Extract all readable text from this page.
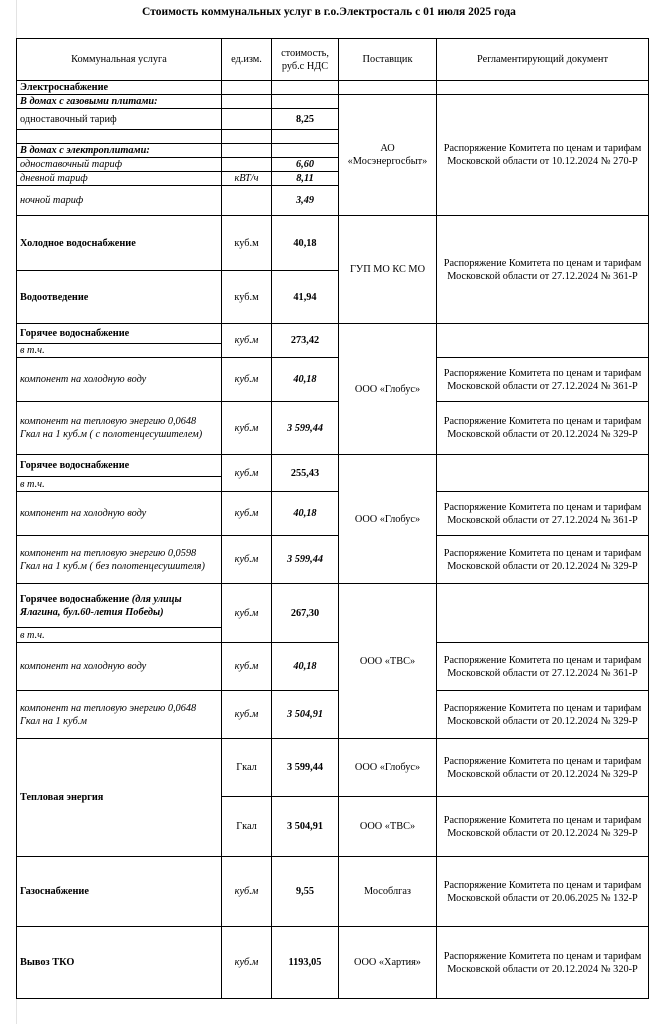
Стоимость коммунальных услуг в г.о.Электросталь с 01 июля 2025 года
Коммунальная услуга	ед.изм.	стоимость, руб.с НДС	Поставщик	Регламентирующий документ
Электроснабжение				
В домах с газовыми плитами:			АО «Мосэнергосбыт»	Распоряжение Комитета по ценам и тарифам Московской области от 10.12.2024 № 270-Р
одноставочный тариф		8,25		

В домах с электроплитами:				
одноставочный тариф		6,60		
дневной тариф	кВТ/ч	8,11		
ночной тариф		3,49		
Холодное водоснабжение	куб.м	40,18	ГУП МО КС МО	Распоряжение Комитета по ценам и тарифам Московской области от 27.12.2024 № 361-Р
Водоотведение	куб.м	41,94		
Горячее водоснабжение	куб.м	273,42	ООО «Глобус»	
в т.ч.				
компонент на холодную воду	куб.м	40,18		Распоряжение Комитета по ценам и тарифам Московской области от 27.12.2024 № 361-Р
компонент на тепловую энергию 0,0648 Гкал на 1 куб.м ( с полотенцесушителем)	куб.м	3 599,44		Распоряжение Комитета по ценам и тарифам Московской области от 20.12.2024 № 329-Р
Горячее водоснабжение	куб.м	255,43	ООО «Глобус»	
в т.ч.				
компонент на холодную воду	куб.м	40,18		Распоряжение Комитета по ценам и тарифам Московской области от 27.12.2024 № 361-Р
компонент на тепловую энергию 0,0598 Гкал на 1 куб.м ( без полотенцесушителя)	куб.м	3 599,44		Распоряжение Комитета по ценам и тарифам Московской области от 20.12.2024 № 329-Р
Горячее водоснабжение (для улицы Ялагина, бул.60-летия Победы)	куб.м	267,30	ООО «ТВС»	
в т.ч.				
компонент на холодную воду	куб.м	40,18		Распоряжение Комитета по ценам и тарифам Московской области от 27.12.2024 № 361-Р
компонент на тепловую энергию 0,0648 Гкал на 1 куб.м	куб.м	3 504,91		Распоряжение Комитета по ценам и тарифам Московской области от 20.12.2024 № 329-Р
Тепловая энергия	Гкал	3 599,44	ООО «Глобус»	Распоряжение Комитета по ценам и тарифам Московской области от 20.12.2024 № 329-Р
	Гкал	3 504,91	ООО «ТВС»	Распоряжение Комитета по ценам и тарифам Московской области от 20.12.2024 № 329-Р
Газоснабжение	куб.м	9,55	Мособлгаз	Распоряжение Комитета по ценам и тарифам Московской области от 20.06.2025 № 132-Р
Вывоз ТКО	куб.м	1193,05	ООО «Хартия»	Распоряжение Комитета по ценам и тарифам Московской области от 20.12.2024 № 320-Р
